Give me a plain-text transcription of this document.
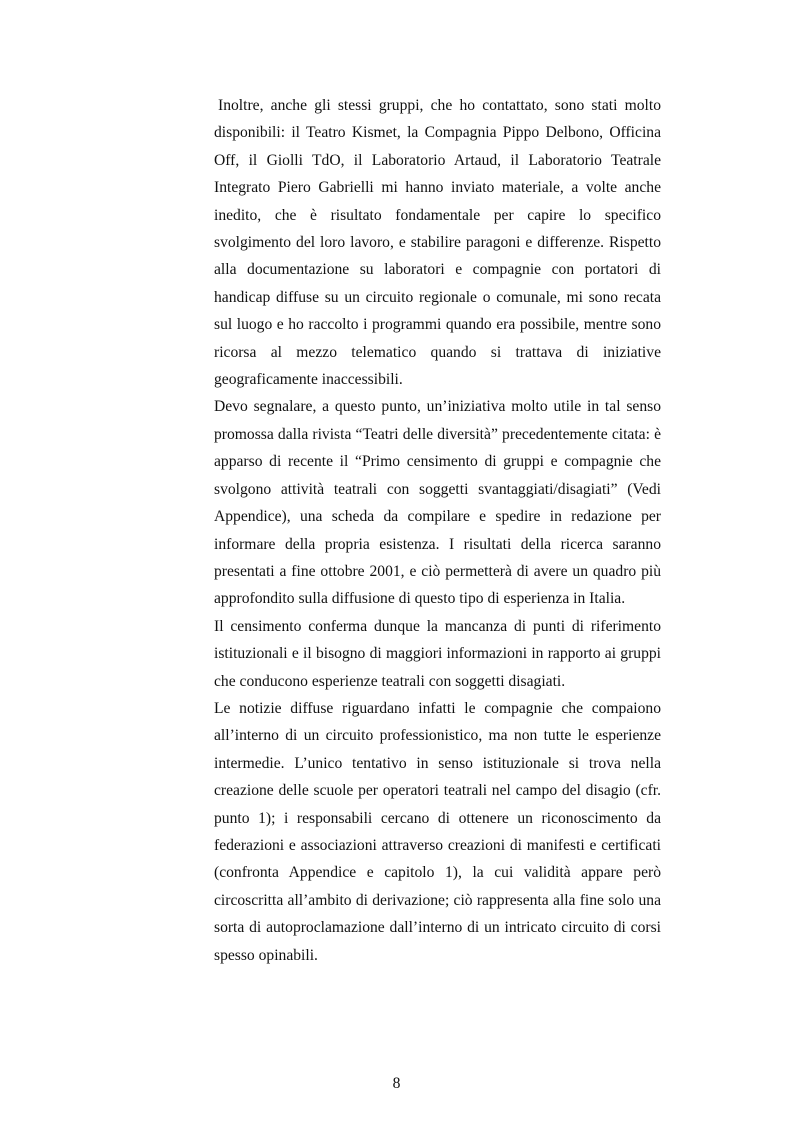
Inoltre, anche gli stessi gruppi, che ho contattato, sono stati molto disponibili: il Teatro Kismet, la Compagnia Pippo Delbono, Officina Off, il Giolli TdO, il Laboratorio Artaud, il Laboratorio Teatrale Integrato Piero Gabrielli mi hanno inviato materiale, a volte anche inedito, che è risultato fondamentale per capire lo specifico svolgimento del loro lavoro, e stabilire paragoni e differenze. Rispetto alla documentazione su laboratori e compagnie con portatori di handicap diffuse su un circuito regionale o comunale, mi sono recata sul luogo e ho raccolto i programmi quando era possibile, mentre sono ricorsa al mezzo telematico quando si trattava di iniziative geograficamente inaccessibili.

Devo segnalare, a questo punto, un’iniziativa molto utile in tal senso promossa dalla rivista “Teatri delle diversità” precedentemente citata: è apparso di recente il “Primo censimento di gruppi e compagnie che svolgono attività teatrali con soggetti svantaggiati/disagiati” (Vedi Appendice), una scheda da compilare e spedire in redazione per informare della propria esistenza. I risultati della ricerca saranno presentati a fine ottobre 2001, e ciò permetterà di avere un quadro più approfondito sulla diffusione di questo tipo di esperienza in Italia.

Il censimento conferma dunque la mancanza di punti di riferimento istituzionali e il bisogno di maggiori informazioni in rapporto ai gruppi che conducono esperienze teatrali con soggetti disagiati.

Le notizie diffuse riguardano infatti le compagnie che compaiono all’interno di un circuito professionistico, ma non tutte le esperienze intermedie. L’unico tentativo in senso istituzionale si trova nella creazione delle scuole per operatori teatrali nel campo del disagio (cfr. punto 1); i responsabili cercano di ottenere un riconoscimento da federazioni e associazioni attraverso creazioni di manifesti e certificati (confronta Appendice e capitolo 1), la cui validità appare però circoscritta all’ambito di derivazione; ciò rappresenta alla fine solo una sorta di autoproclamazione dall’interno di un intricato circuito di corsi spesso opinabili.

8
